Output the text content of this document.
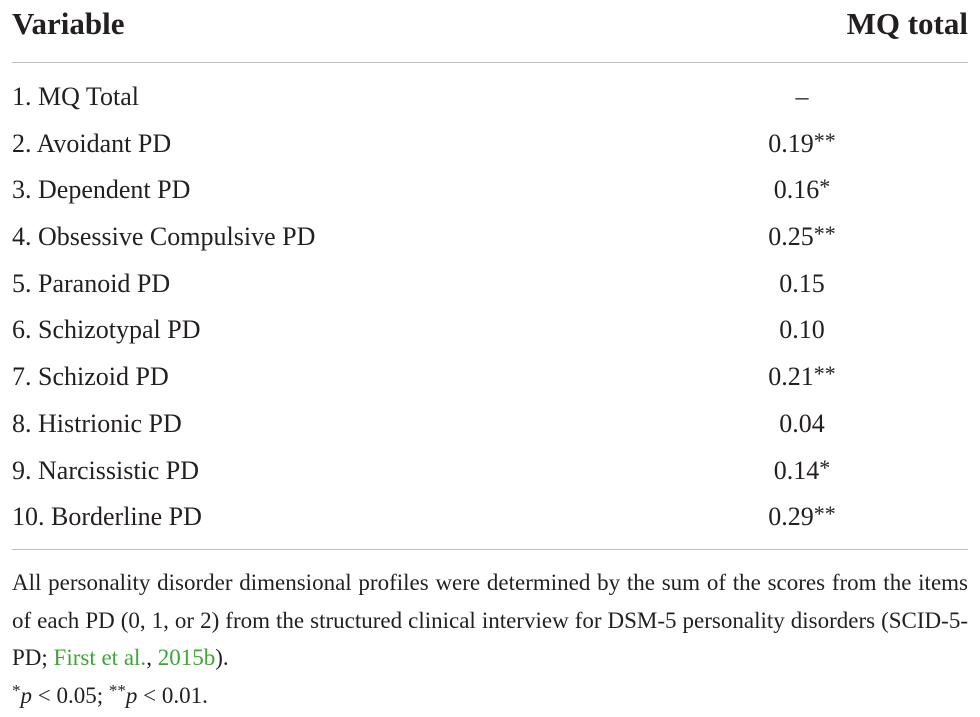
Variable	MQ total
1. MQ Total	–
2. Avoidant PD	0.19**
3. Dependent PD	0.16*
4. Obsessive Compulsive PD	0.25**
5. Paranoid PD	0.15
6. Schizotypal PD	0.10
7. Schizoid PD	0.21**
8. Histrionic PD	0.04
9. Narcissistic PD	0.14*
10. Borderline PD	0.29**
All personality disorder dimensional profiles were determined by the sum of the scores from the items of each PD (0, 1, or 2) from the structured clinical interview for DSM-5 personality disorders (SCID-5-PD; First et al., 2015b).
*p < 0.05; **p < 0.01.
